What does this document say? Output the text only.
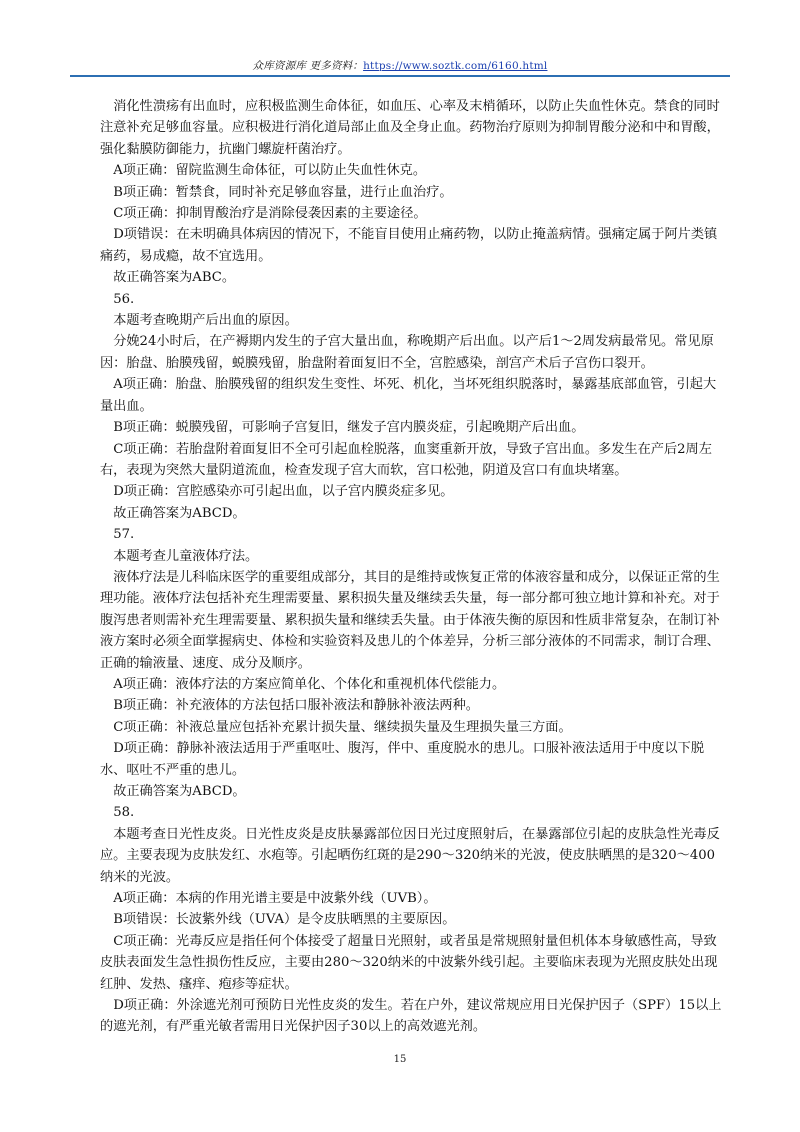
众库资源库 更多资料：https://www.soztk.com/6160.html

消化性溃疡有出血时，应积极监测生命体征，如血压、心率及末梢循环，以防止失血性休克。禁食的同时注意补充足够血容量。应积极进行消化道局部止血及全身止血。药物治疗原则为抑制胃酸分泌和中和胃酸，强化黏膜防御能力，抗幽门螺旋杆菌治疗。

A项正确：留院监测生命体征，可以防止失血性休克。

B项正确：暂禁食，同时补充足够血容量，进行止血治疗。

C项正确：抑制胃酸治疗是消除侵袭因素的主要途径。

D项错误：在未明确具体病因的情况下，不能盲目使用止痛药物，以防止掩盖病情。强痛定属于阿片类镇痛药，易成瘾，故不宜选用。

故正确答案为ABC。

56.

本题考查晚期产后出血的原因。

分娩24小时后，在产褥期内发生的子宫大量出血，称晚期产后出血。以产后1～2周发病最常见。常见原因：胎盘、胎膜残留，蜕膜残留，胎盘附着面复旧不全，宫腔感染，剖宫产术后子宫伤口裂开。

A项正确：胎盘、胎膜残留的组织发生变性、坏死、机化，当坏死组织脱落时，暴露基底部血管，引起大量出血。

B项正确：蜕膜残留，可影响子宫复旧，继发子宫内膜炎症，引起晚期产后出血。

C项正确：若胎盘附着面复旧不全可引起血栓脱落，血窦重新开放，导致子宫出血。多发生在产后2周左右，表现为突然大量阴道流血，检查发现子宫大而软，宫口松弛，阴道及宫口有血块堵塞。

D项正确：宫腔感染亦可引起出血，以子宫内膜炎症多见。

故正确答案为ABCD。

57.

本题考查儿童液体疗法。

液体疗法是儿科临床医学的重要组成部分，其目的是维持或恢复正常的体液容量和成分，以保证正常的生理功能。液体疗法包括补充生理需要量、累积损失量及继续丢失量，每一部分都可独立地计算和补充。对于腹泻患者则需补充生理需要量、累积损失量和继续丢失量。由于体液失衡的原因和性质非常复杂，在制订补液方案时必须全面掌握病史、体检和实验资料及患儿的个体差异，分析三部分液体的不同需求，制订合理、正确的输液量、速度、成分及顺序。

A项正确：液体疗法的方案应简单化、个体化和重视机体代偿能力。

B项正确：补充液体的方法包括口服补液法和静脉补液法两种。

C项正确：补液总量应包括补充累计损失量、继续损失量及生理损失量三方面。

D项正确：静脉补液法适用于严重呕吐、腹泻，伴中、重度脱水的患儿。口服补液法适用于中度以下脱水、呕吐不严重的患儿。

故正确答案为ABCD。

58.

本题考查日光性皮炎。日光性皮炎是皮肤暴露部位因日光过度照射后，在暴露部位引起的皮肤急性光毒反应。主要表现为皮肤发红、水疱等。引起晒伤红斑的是290～320纳米的光波，使皮肤晒黑的是320～400纳米的光波。

A项正确：本病的作用光谱主要是中波紫外线（UVB）。

B项错误：长波紫外线（UVA）是令皮肤晒黑的主要原因。

C项正确：光毒反应是指任何个体接受了超量日光照射，或者虽是常规照射量但机体本身敏感性高，导致皮肤表面发生急性损伤性反应，主要由280～320纳米的中波紫外线引起。主要临床表现为光照皮肤处出现红肿、发热、瘙痒、疱疹等症状。

D项正确：外涂遮光剂可预防日光性皮炎的发生。若在户外，建议常规应用日光保护因子（SPF）15以上的遮光剂，有严重光敏者需用日光保护因子30以上的高效遮光剂。

15
